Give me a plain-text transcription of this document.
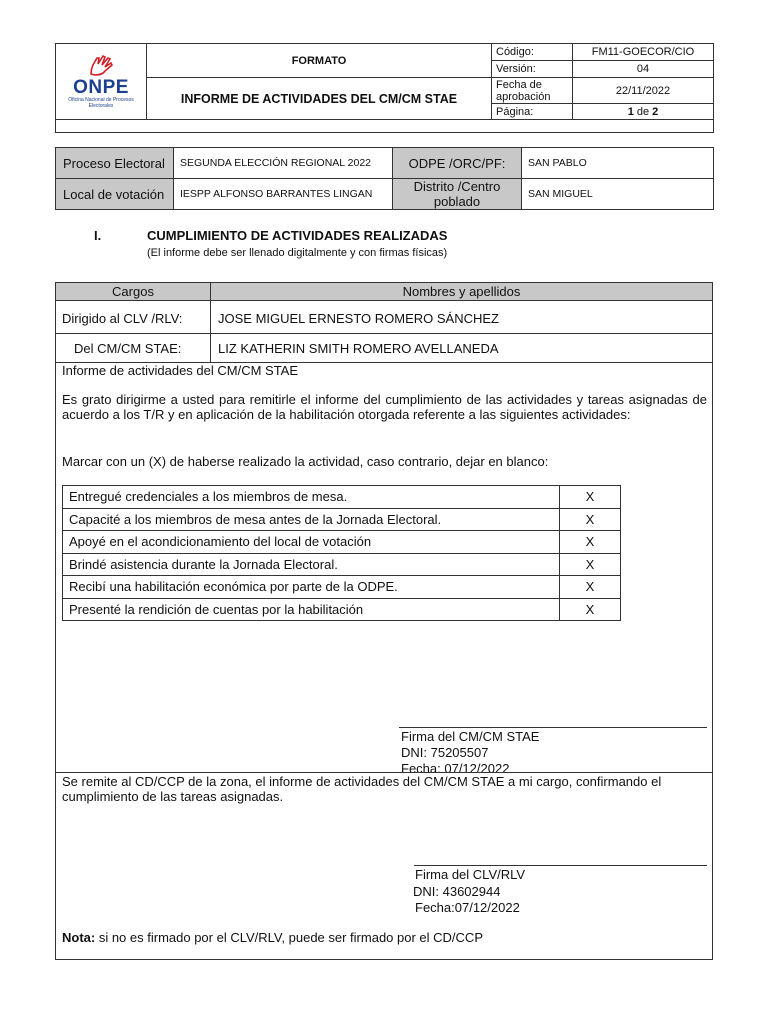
ONPE
Oficina Nacional de Procesos Electorales	FORMATO	Código:	FM11-GOECOR/CIO
		Versión:	04
	INFORME DE ACTIVIDADES DEL CM/CM STAE	Fecha de aprobación	22/11/2022
		Página:	1 de 2

Proceso Electoral	SEGUNDA ELECCIÓN REGIONAL 2022	ODPE /ORC/PF:	SAN PABLO
Local de votación	IESPP ALFONSO BARRANTES LINGAN	Distrito /Centro poblado	SAN MIGUEL
I.	CUMPLIMIENTO DE ACTIVIDADES REALIZADAS
(El informe debe ser llenado digitalmente y con firmas físicas)
Cargos	Nombres y apellidos
Dirigido al CLV /RLV:	JOSE MIGUEL ERNESTO ROMERO SÁNCHEZ
Del CM/CM STAE:	LIZ KATHERIN SMITH ROMERO AVELLANEDA
Informe de actividades del CM/CM STAE
Es grato dirigirme a usted para remitirle el informe del cumplimiento de las actividades y tareas asignadas de acuerdo a los T/R y en aplicación de la habilitación otorgada referente a las siguientes actividades:
Marcar con un (X) de haberse realizado la actividad, caso contrario, dejar en blanco:
Firma del CM/CM STAE
DNI: 75205507
Fecha: 07/12/2022
Se remite al CD/CCP de la zona, el informe de actividades del CM/CM STAE a mi cargo, confirmando el cumplimiento de las tareas asignadas.
Firma del CLV/RLV
DNI: 43602944
Fecha:07/12/2022
Nota: si no es firmado por el CLV/RLV, puede ser firmado por el CD/CCP
Entregué credenciales a los miembros de mesa.	X
Capacité a los miembros de mesa antes de la Jornada Electoral.	X
Apoyé en el acondicionamiento del local de votación	X
Brindé asistencia durante la Jornada Electoral.	X
Recibí una habilitación económica por parte de la ODPE.	X
Presenté la rendición de cuentas por la habilitación	X
